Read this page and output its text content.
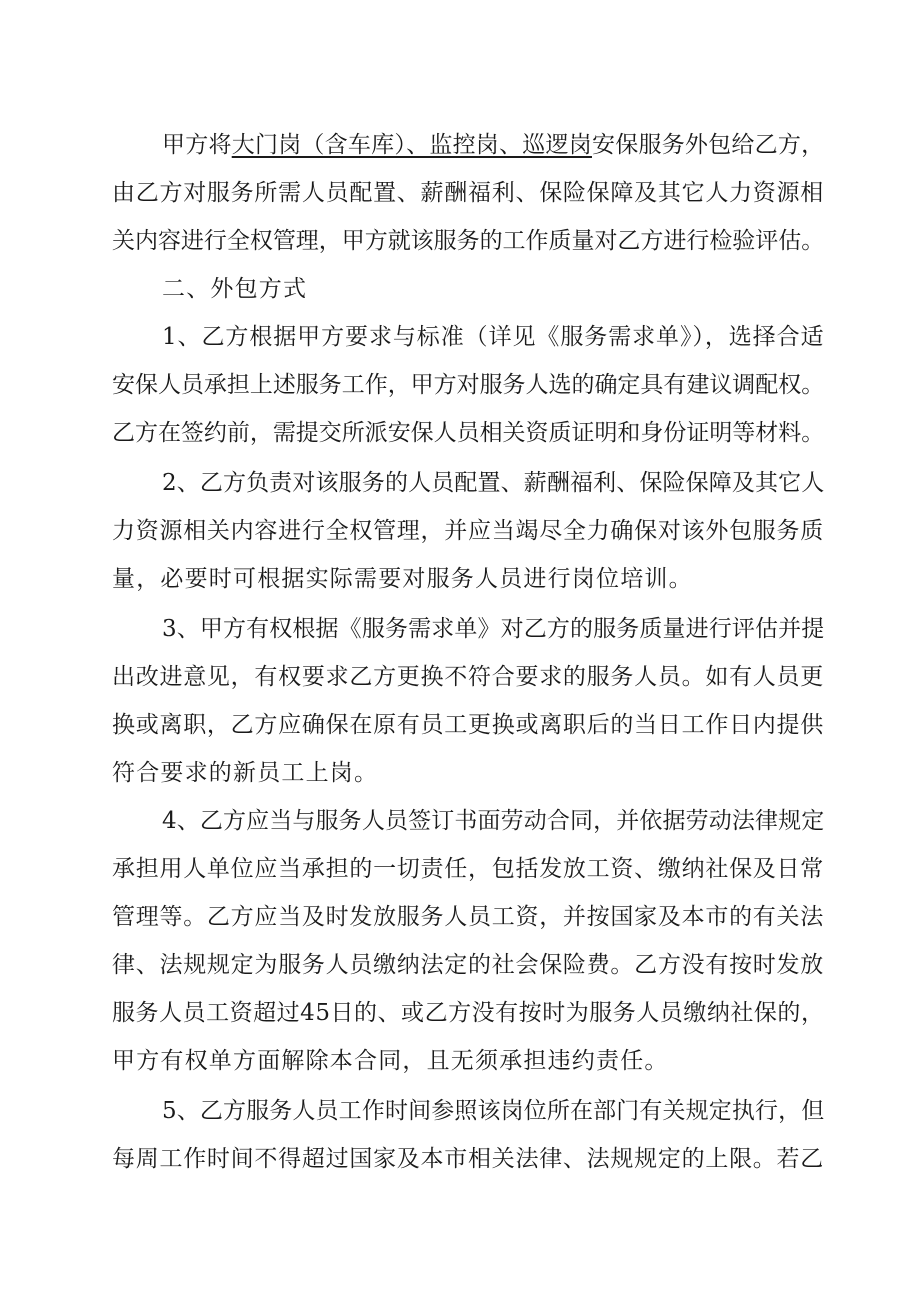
甲方将大门岗（含车库）、监控岗、巡逻岗安保服务外包给乙方，
由乙方对服务所需人员配置、薪酬福利、保险保障及其它人力资源相
关内容进行全权管理，甲方就该服务的工作质量对乙方进行检验评估。
二、外包方式
1、乙方根据甲方要求与标准（详见《服务需求单》），选择合适
安保人员承担上述服务工作，甲方对服务人选的确定具有建议调配权。
乙方在签约前，需提交所派安保人员相关资质证明和身份证明等材料。
2、乙方负责对该服务的人员配置、薪酬福利、保险保障及其它人
力资源相关内容进行全权管理，并应当竭尽全力确保对该外包服务质
量，必要时可根据实际需要对服务人员进行岗位培训。
3、甲方有权根据《服务需求单》对乙方的服务质量进行评估并提
出改进意见，有权要求乙方更换不符合要求的服务人员。如有人员更
换或离职，乙方应确保在原有员工更换或离职后的当日工作日内提供
符合要求的新员工上岗。
4、乙方应当与服务人员签订书面劳动合同，并依据劳动法律规定
承担用人单位应当承担的一切责任，包括发放工资、缴纳社保及日常
管理等。乙方应当及时发放服务人员工资，并按国家及本市的有关法
律、法规规定为服务人员缴纳法定的社会保险费。乙方没有按时发放
服务人员工资超过45日的、或乙方没有按时为服务人员缴纳社保的，
甲方有权单方面解除本合同，且无须承担违约责任。
5、乙方服务人员工作时间参照该岗位所在部门有关规定执行，但
每周工作时间不得超过国家及本市相关法律、法规规定的上限。若乙
